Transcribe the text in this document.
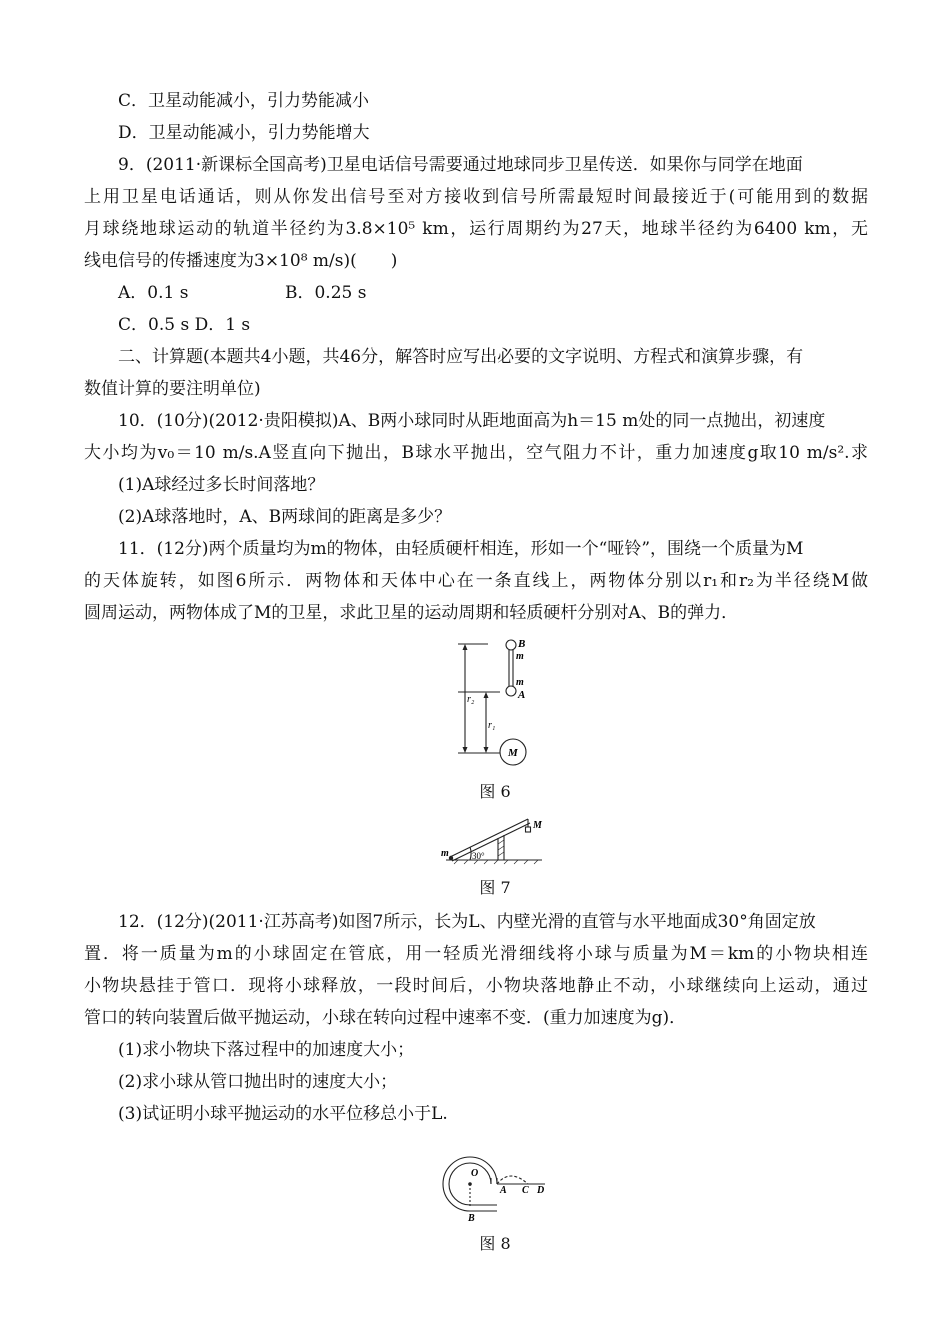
C．卫星动能减小，引力势能减小
D．卫星动能减小，引力势能增大
9．(2011·新课标全国高考)卫星电话信号需要通过地球同步卫星传送．如果你与同学在地面
上用卫星电话通话，则从你发出信号至对方接收到信号所需最短时间最接近于(可能用到的数据
月球绕地球运动的轨道半径约为3.8×10⁵ km，运行周期约为27天，地球半径约为6400 km，无
线电信号的传播速度为3×10⁸ m/s)(　　)
A．0.1 s	B．0.25 s
C．0.5 s D．1 s
二、计算题(本题共4小题，共46分，解答时应写出必要的文字说明、方程式和演算步骤，有
数值计算的要注明单位)
10．(10分)(2012·贵阳模拟)A、B两小球同时从距地面高为h＝15 m处的同一点抛出，初速度
大小均为v₀＝10 m/s.A竖直向下抛出，B球水平抛出，空气阻力不计，重力加速度g取10 m/s².求
(1)A球经过多长时间落地？
(2)A球落地时，A、B两球间的距离是多少？
11．(12分)两个质量均为m的物体，由轻质硬杆相连，形如一个“哑铃”，围绕一个质量为M
的天体旋转，如图6所示．两物体和天体中心在一条直线上，两物体分别以r₁和r₂为半径绕M做
圆周运动，两物体成了M的卫星，求此卫星的运动周期和轻质硬杆分别对A、B的弹力．
B
m
m
A
r₂
r₁
M
图 6
M
m	30°
图 7
12．(12分)(2011·江苏高考)如图7所示，长为L、内壁光滑的直管与水平地面成30°角固定放
置．将一质量为m的小球固定在管底，用一轻质光滑细线将小球与质量为M＝km的小物块相连
小物块悬挂于管口．现将小球释放，一段时间后，小物块落地静止不动，小球继续向上运动，通过
管口的转向装置后做平抛运动，小球在转向过程中速率不变．(重力加速度为g)．
(1)求小物块下落过程中的加速度大小；
(2)求小球从管口抛出时的速度大小；
(3)试证明小球平抛运动的水平位移总小于L.
O
A C D
B
图 8
